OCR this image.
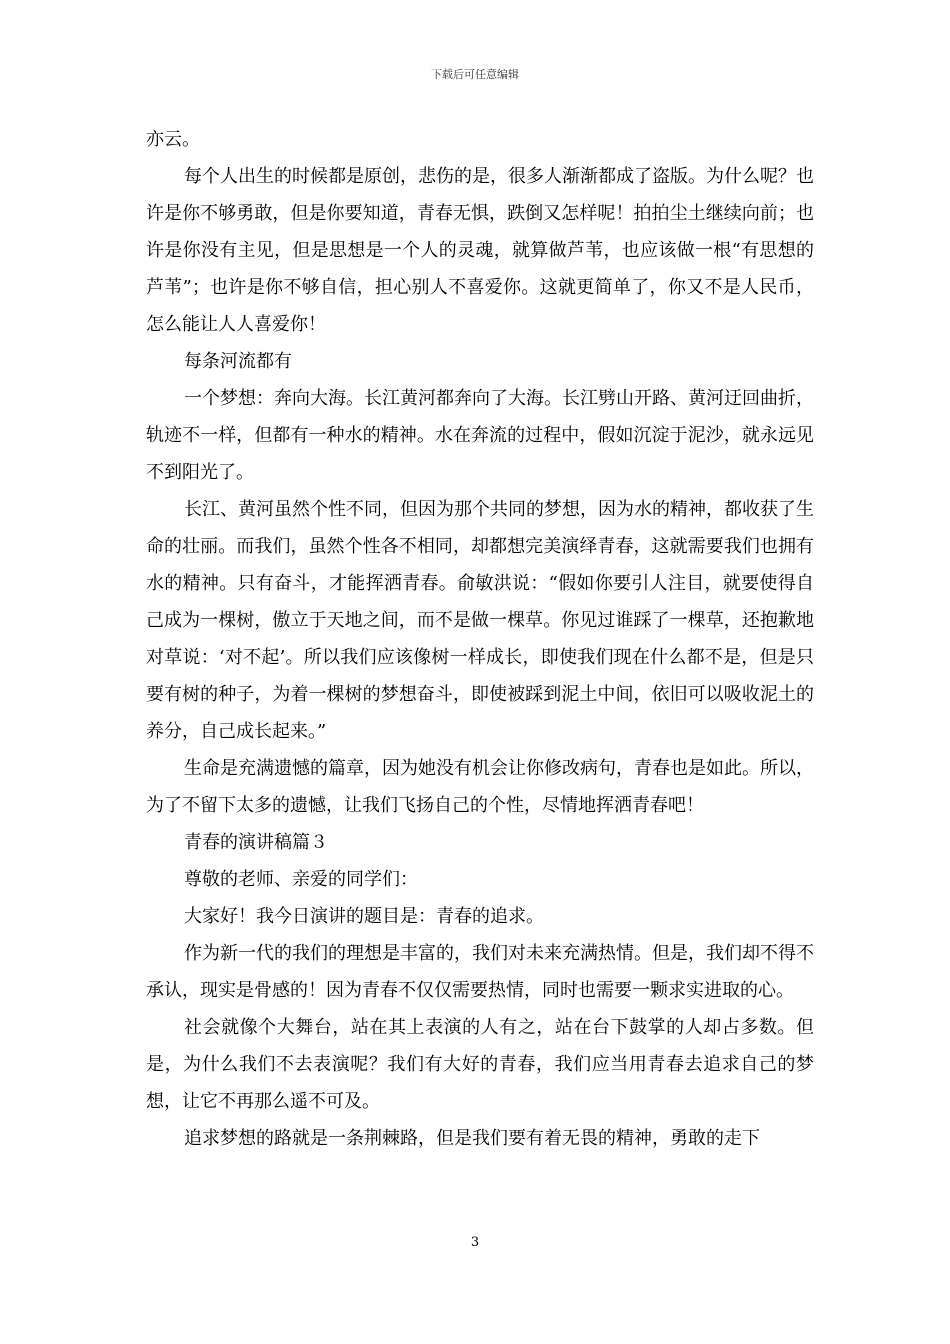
下载后可任意编辑

亦云。

每个人出生的时候都是原创，悲伤的是，很多人渐渐都成了盗版。为什么呢？也许是你不够勇敢，但是你要知道，青春无惧，跌倒又怎样呢！拍拍尘土继续向前；也许是你没有主见，但是思想是一个人的灵魂，就算做芦苇，也应该做一根“有思想的芦苇”；也许是你不够自信，担心别人不喜爱你。这就更简单了，你又不是人民币，怎么能让人人喜爱你！

每条河流都有

一个梦想：奔向大海。长江黄河都奔向了大海。长江劈山开路、黄河迂回曲折，轨迹不一样，但都有一种水的精神。水在奔流的过程中，假如沉淀于泥沙，就永远见不到阳光了。

长江、黄河虽然个性不同，但因为那个共同的梦想，因为水的精神，都收获了生命的壮丽。而我们，虽然个性各不相同，却都想完美演绎青春，这就需要我们也拥有水的精神。只有奋斗，才能挥洒青春。俞敏洪说：“假如你要引人注目，就要使得自己成为一棵树，傲立于天地之间，而不是做一棵草。你见过谁踩了一棵草，还抱歉地对草说：‘对不起’。所以我们应该像树一样成长，即使我们现在什么都不是，但是只要有树的种子，为着一棵树的梦想奋斗，即使被踩到泥土中间，依旧可以吸收泥土的养分，自己成长起来。”

生命是充满遗憾的篇章，因为她没有机会让你修改病句，青春也是如此。所以，为了不留下太多的遗憾，让我们飞扬自己的个性，尽情地挥洒青春吧！

青春的演讲稿篇３

尊敬的老师、亲爱的同学们：

大家好！我今日演讲的题目是：青春的追求。

作为新一代的我们的理想是丰富的，我们对未来充满热情。但是，我们却不得不承认，现实是骨感的！因为青春不仅仅需要热情，同时也需要一颗求实进取的心。

社会就像个大舞台，站在其上表演的人有之，站在台下鼓掌的人却占多数。但是，为什么我们不去表演呢？我们有大好的青春，我们应当用青春去追求自己的梦想，让它不再那么遥不可及。

追求梦想的路就是一条荆棘路，但是我们要有着无畏的精神，勇敢的走下

3
